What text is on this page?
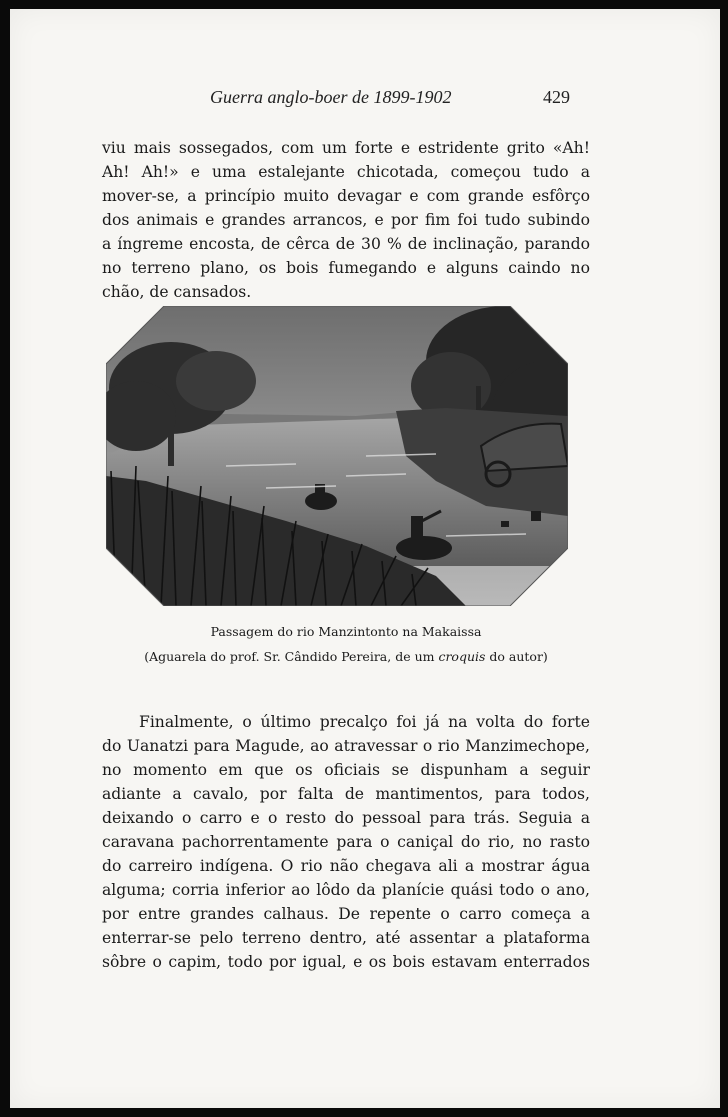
Guerra anglo-boer de 1899-1902	429
viu mais sossegados, com um forte e estridente grito «Ah!
Ah! Ah!» e uma estalejante chicotada, começou tudo a
mover-se, a princípio muito devagar e com grande esfôrço
dos animais e grandes arrancos, e por fim foi tudo subindo
a íngreme encosta, de cêrca de 30 % de inclinação, parando
no terreno plano, os bois fumegando e alguns caindo no
chão, de cansados.
Passagem do rio Manzintonto na Makaissa
(Aguarela do prof. Sr. Cândido Pereira, de um croquis do autor)
Finalmente, o último precalço foi já na volta do forte
do Uanatzi para Magude, ao atravessar o rio Manzimechope,
no momento em que os oficiais se dispunham a seguir
adiante a cavalo, por falta de mantimentos, para todos,
deixando o carro e o resto do pessoal para trás. Seguia a
caravana pachorrentamente para o caniçal do rio, no rasto
do carreiro indígena. O rio não chegava ali a mostrar água
alguma; corria inferior ao lôdo da planície quási todo o ano,
por entre grandes calhaus. De repente o carro começa a
enterrar-se pelo terreno dentro, até assentar a plataforma
sôbre o capim, todo por igual, e os bois estavam enterrados
